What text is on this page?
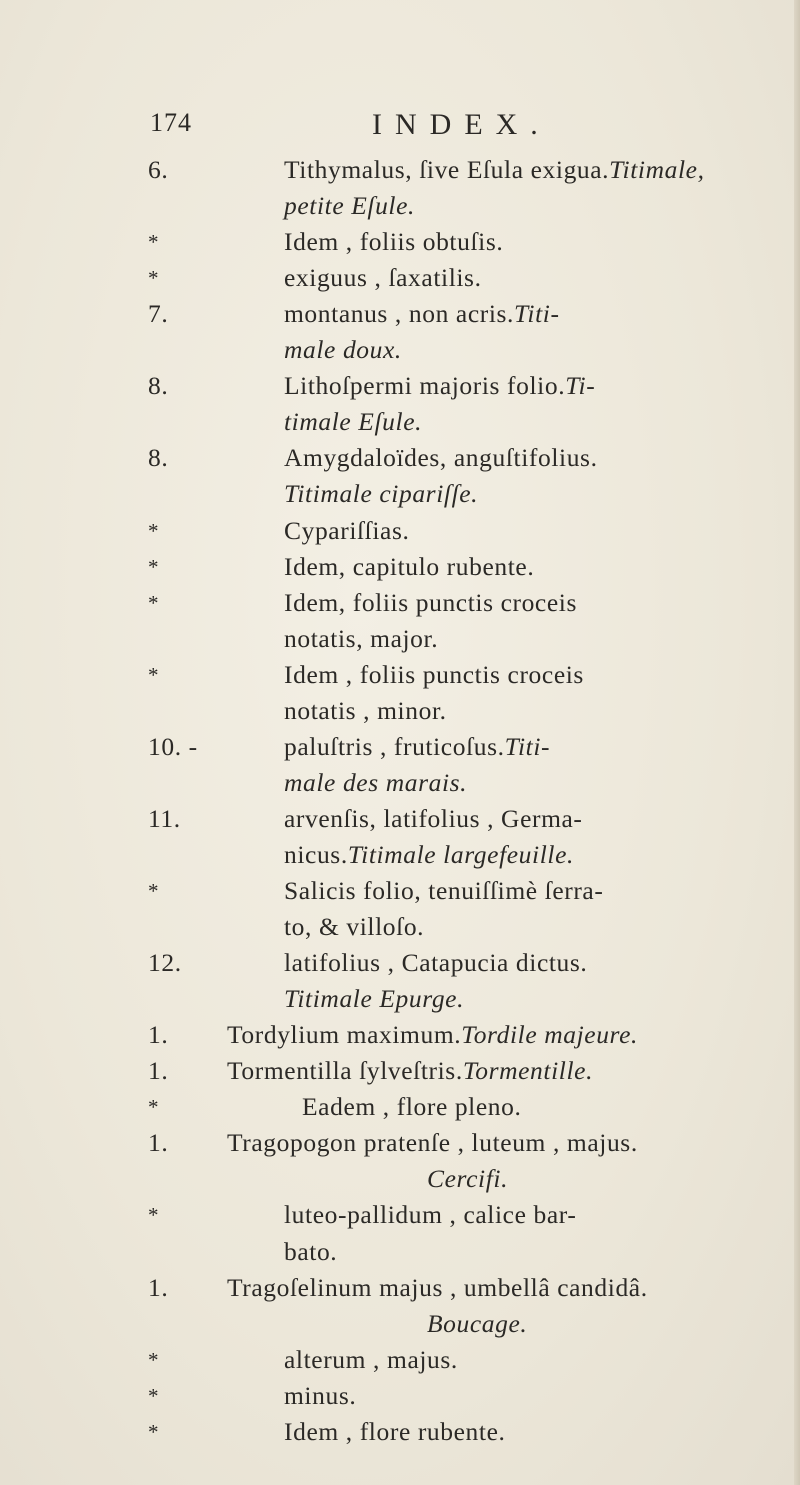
174	INDEX.
6.	Tithymalus, ſive Eſula exigua. Titimale,
petite Eſule.
*	Idem , foliis obtuſis.
*	exiguus , ſaxatilis.
7.	montanus , non acris. Titi-
male doux.
8.	Lithoſpermi majoris folio. Ti-
timale Eſule.
8.	Amygdaloïdes, anguſtifolius.
Titimale cipariſſe.
*	Cypariſſias.
*	Idem, capitulo rubente.
*	Idem, foliis punctis croceis
notatis, major.
*	Idem , foliis punctis croceis
notatis , minor.
10. -	paluſtris , fruticoſus. Titi-
male des marais.
11.	arvenſis, latifolius , Germa-
nicus. Titimale largefeuille.
*	Salicis folio, tenuiſſimè ſerra-
to, & villoſo.
12.	latifolius , Catapucia dictus.
Titimale Epurge.
1.	Tordylium maximum. Tordile majeure.
1.	Tormentilla ſylveſtris. Tormentille.
*	Eadem , flore pleno.
1.	Tragopogon pratenſe , luteum , majus.
Cercifi.
*	luteo-pallidum , calice bar-
bato.
1.	Tragoſelinum majus , umbellâ candidâ.
Boucage.
*	alterum , majus.
*	minus.
*	Idem , flore rubente.
